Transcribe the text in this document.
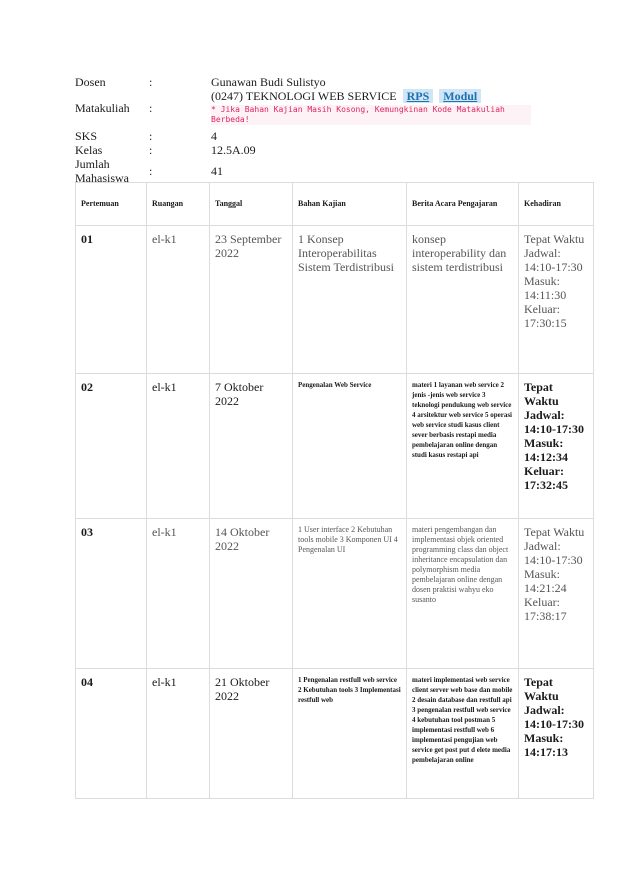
Dosen	:	Gunawan Budi Sulistyo
(0247) TEKNOLOGI WEB SERVICE RPS Modul
Matakuliah :	* Jika Bahan Kajian Masih Kosong, Kemungkinan Kode Matakuliah Berbeda!
SKS	:	4
Kelas	:	12.5A.09
Jumlah
Mahasiswa :	41
Pertemuan	Ruangan	Tanggal	Bahan Kajian	Berita Acara Pengajaran	Kehadiran
01	el-k1	23 September 2022	1 Konsep Interoperabilitas Sistem Terdistribusi	konsep interoperability dan sistem terdistribusi	Tepat Waktu Jadwal: 14:10-17:30 Masuk: 14:11:30 Keluar: 17:30:15
02	el-k1	7 Oktober 2022	Pengenalan Web Service	materi 1 layanan web service 2 jenis -jenis web service 3 teknologi pendukung web service 4 arsitektur web service 5 operasi web service studi kasus client sever berbasis restapi media pembelajaran online dengan studi kasus restapi api	Tepat Waktu Jadwal: 14:10-17:30 Masuk: 14:12:34 Keluar: 17:32:45
03	el-k1	14 Oktober 2022	1 User interface 2 Kebutuhan tools mobile 3 Komponen UI 4 Pengenalan UI	materi pengembangan dan implementasi objek oriented programming class dan object inheritance encapsulation dan polymorphism media pembelajaran online dengan dosen praktisi wahyu eko susanto	Tepat Waktu Jadwal: 14:10-17:30 Masuk: 14:21:24 Keluar: 17:38:17
04	el-k1	21 Oktober 2022	1 Pengenalan restfull web service 2 Kebutuhan tools 3 Implementasi restfull web	materi implementasi web service client server web base dan mobile 2 desain database dan restfull api 3 pengenalan restfull web service 4 kebutuhan tool postman 5 implementasi restfull web 6 implementasi pengujian web service get post put d elete media pembelajaran online	Tepat Waktu Jadwal: 14:10-17:30 Masuk: 14:17:13
